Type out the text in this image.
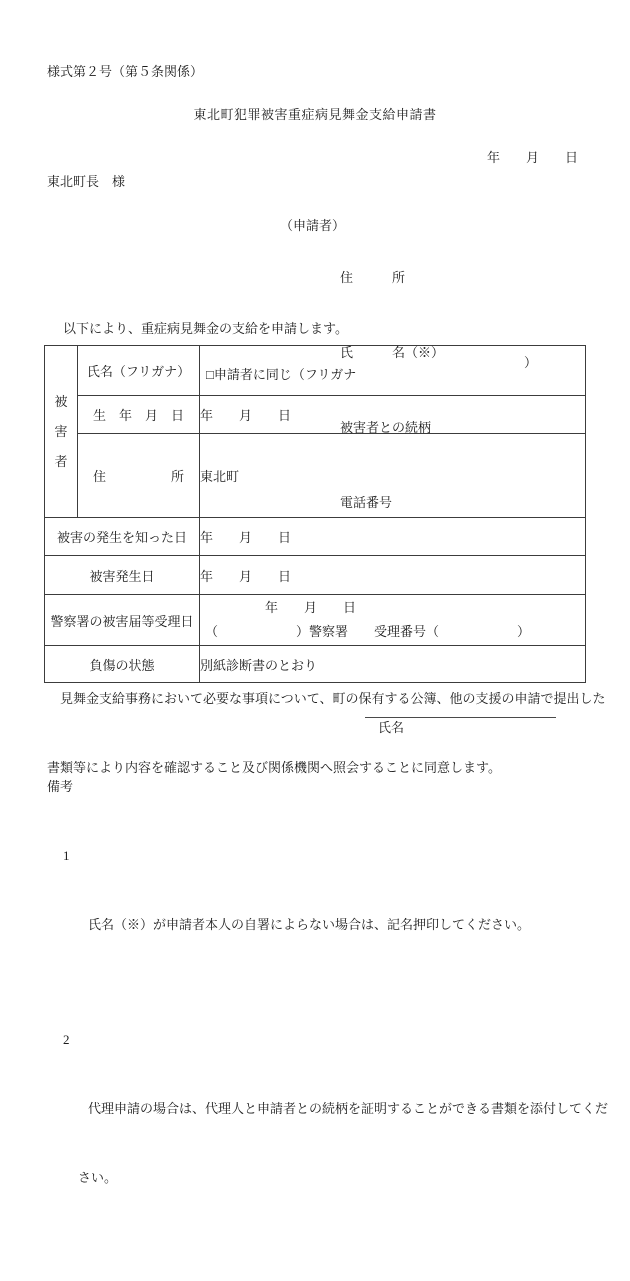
様式第２号（第５条関係）
東北町犯罪被害重症病見舞金支給申請書
年　　月　　日
東北町長　様
（申請者）

住　　　所

氏　　　名（※）

被害者との続柄

電話番号

以下により、重症病見舞金の支給を申請します。
被
害
者	氏名（フリガナ）	□申請者に同じ（フリガナ
）

	生　年　月　日	年　　月　　日

	住 所	東北町
被害の発生を知った日		年　　月　　日
被害発生日		年　　月　　日
警察署の被害届等受理日		年　　月　　日
（　　　　　　）警察署　　受理番号（　　　　　　）

負傷の状態		別紙診断書のとおり

見舞金支給事務において必要な事項について、町の保有する公簿、他の支援の申請で提出した

書類等により内容を確認すること及び関係機関へ照会することに同意します。

氏名

備考

1

氏名（※）が申請者本人の自署によらない場合は、記名押印してください。

2

代理申請の場合は、代理人と申請者との続柄を証明することができる書類を添付してくだ

さい。
